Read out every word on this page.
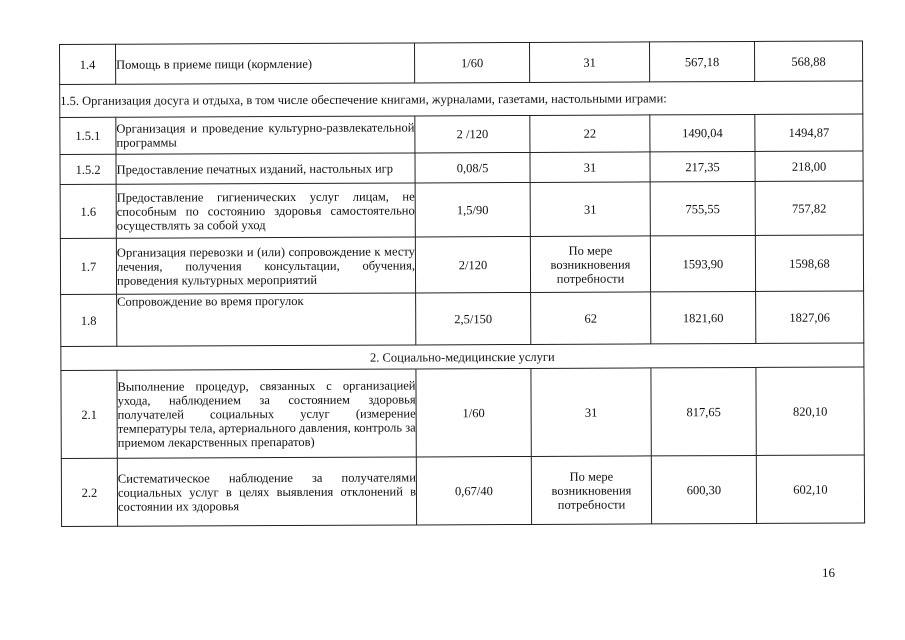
1.4	Помощь в приеме пищи (кормление)	1/60	31	567,18	568,88
1.5. Организация досуга и отдыха, в том числе обеспечение книгами, журналами, газетами, настольными играми:					
1.5.1	Организация и проведение культурно-развлекательной программы	2 /120	22	1490,04	1494,87
1.5.2	Предоставление печатных изданий, настольных игр	0,08/5	31	217,35	218,00
1.6	Предоставление гигиенических услуг лицам, не способным по состоянию здоровья самостоятельно осуществлять за собой уход	1,5/90	31	755,55	757,82
1.7	Организация перевозки и (или) сопровождение к месту лечения, получения консультации, обучения, проведения культурных мероприятий	2/120	По мере возникновения потребности	1593,90	1598,68
1.8	Сопровождение во время прогулок	2,5/150	62	1821,60	1827,06
2. Социально-медицинские услуги					
2.1	Выполнение процедур, связанных с организацией ухода, наблюдением за состоянием здоровья получателей социальных услуг (измерение температуры тела, артериального давления, контроль за приемом лекарственных препаратов)	1/60	31	817,65	820,10
2.2	Систематическое наблюдение за получателями социальных услуг в целях выявления отклонений в состоянии их здоровья	0,67/40	По мере возникновения потребности	600,30	602,10
16
